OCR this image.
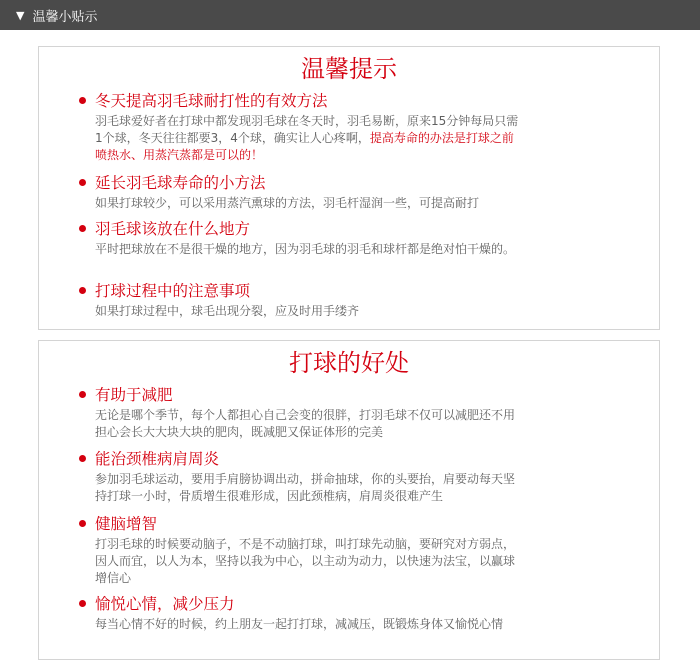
▼ 温馨小贴示
温馨提示
冬天提高羽毛球耐打性的有效方法
羽毛球爱好者在打球中都发现羽毛球在冬天时，羽毛易断，原来15分钟每局只需1个球，冬天往往都要3，4个球，确实让人心疼啊，提高寿命的办法是打球之前喷热水、用蒸汽蒸都是可以的！
延长羽毛球寿命的小方法
如果打球较少，可以采用蒸汽熏球的方法，羽毛杆湿润一些，可提高耐打
羽毛球该放在什么地方
平时把球放在不是很干燥的地方，因为羽毛球的羽毛和球杆都是绝对怕干燥的。
打球过程中的注意事项
如果打球过程中，球毛出现分裂，应及时用手缕齐
打球的好处
有助于减肥
无论是哪个季节，每个人都担心自己会变的很胖，打羽毛球不仅可以减肥还不用担心会长大大块大块的肥肉，既减肥又保证体形的完美
能治颈椎病肩周炎
参加羽毛球运动，要用手肩膀协调出动，拼命抽球，你的头要抬，肩要动每天坚持打球一小时，骨质增生很难形成，因此颈椎病，肩周炎很难产生
健脑增智
打羽毛球的时候要动脑子，不是不动脑打球，叫打球先动脑，要研究对方弱点，因人而宜，以人为本，坚持以我为中心，以主动为动力，以快速为法宝，以赢球增信心
愉悦心情，减少压力
每当心情不好的时候，约上朋友一起打打球，减减压，既锻炼身体又愉悦心情
